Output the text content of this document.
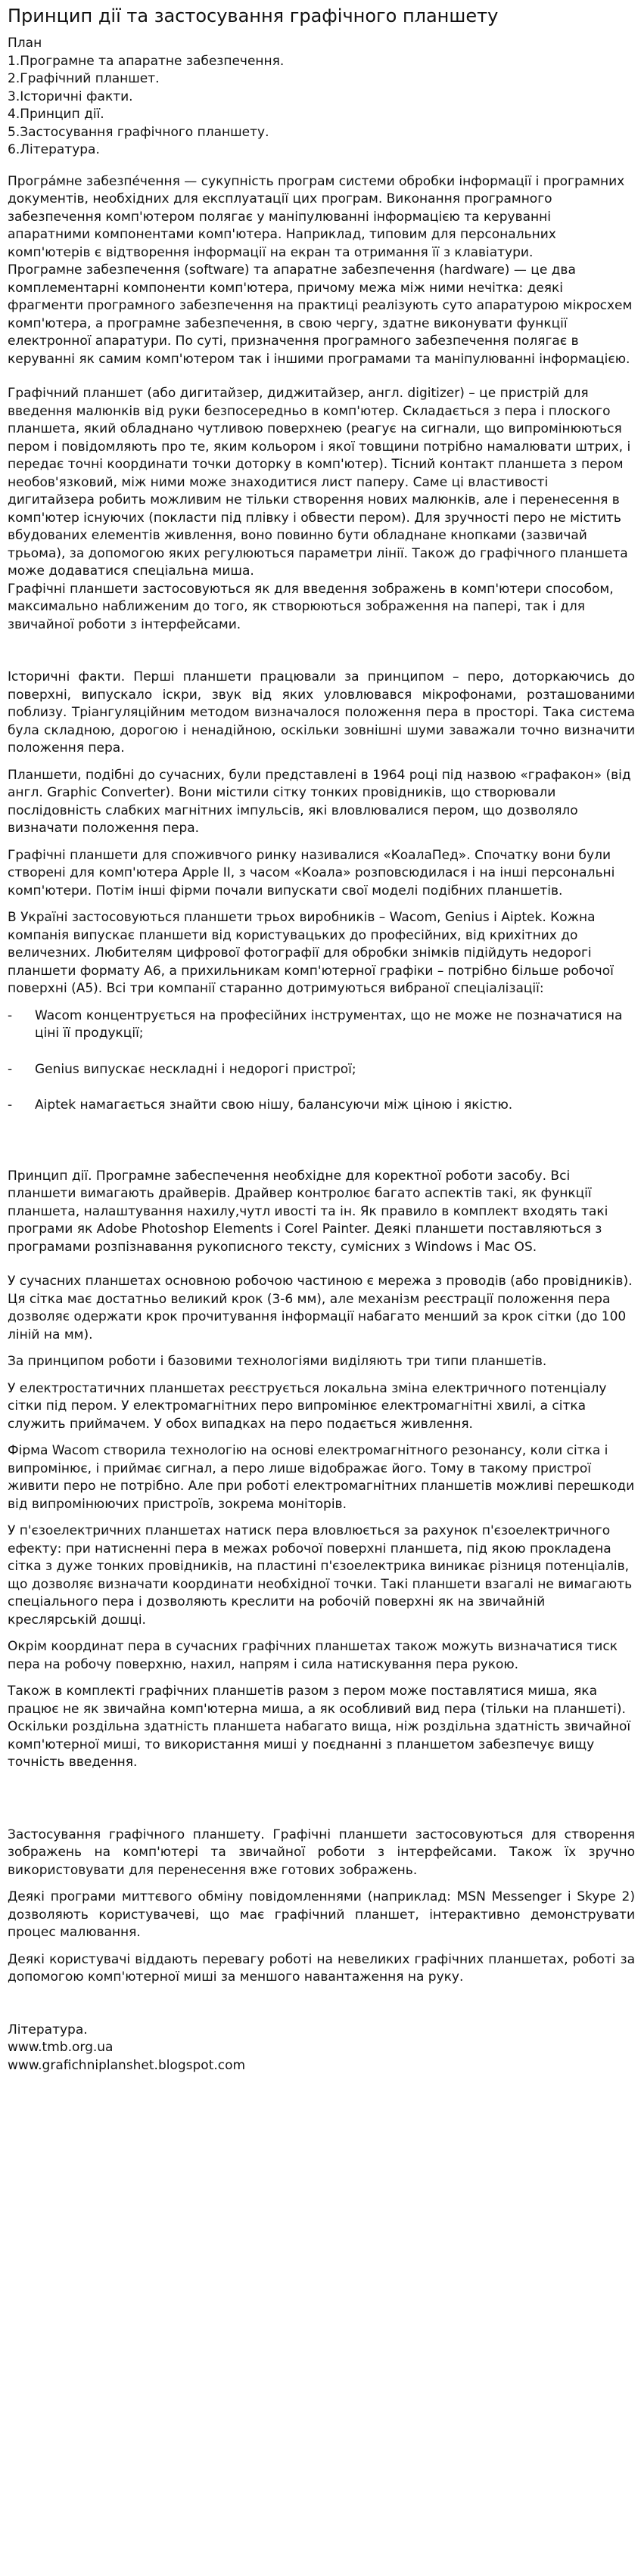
Принцип дії та застосування графічного планшету
План
1.Програмне та апаратне забезпечення.
2.Графічний планшет.
3.Історичні факти.
4.Принцип дії.
5.Застосування графічного планшету.
6.Література.

Програ́мне забезпе́чення — сукупність програм системи обробки інформації і програмних документів, необхідних для експлуатації цих програм. Виконання програмного забезпечення комп'ютером полягає у маніпулюванні інформацією та керуванні апаратними компонентами комп'ютера. Наприклад, типовим для персональних комп'ютерів є відтворення інформації на екран та отримання її з клавіатури.

Програмне забезпечення (software) та апаратне забезпечення (hardware) — це два комплементарні компоненти комп'ютера, причому межа між ними нечітка: деякі фрагменти програмного забезпечення на практиці реалізують суто апаратурою мікросхем комп'ютера, а програмне забезпечення, в свою чергу, здатне виконувати функції електронної апаратури. По суті, призначення програмного забезпечення полягає в керуванні як самим комп'ютером так і іншими програмами та маніпулюванні інформацією.

Графічний планшет (або дигитайзер, диджитайзер, англ. digitizer) – це пристрій для введення малюнків від руки безпосередньо в комп'ютер. Складається з пера і плоского планшета, який обладнано чутливою поверхнею (реагує на сигнали, що випромінюються пером і повідомляють про те, яким кольором і якої товщини потрібно намалювати штрих, і передає точні координати точки доторку в комп'ютер). Тісний контакт планшета з пером необов'язковий, між ними може знаходитися лист паперу. Саме ці властивості дигитайзера робить можливим не тільки створення нових малюнків, але і перенесення в комп'ютер існуючих (покласти під плівку і обвести пером). Для зручності перо не містить вбудованих елементів живлення, воно повинно бути обладнане кнопками (зазвичай трьома), за допомогою яких регулюються параметри лінії. Також до графічного планшета може додаватися спеціальна миша.

Графічні планшети застосовуються як для введення зображень в комп'ютери способом, максимально наближеним до того, як створюються зображення на папері, так і для звичайної роботи з інтерфейсами.

Історичні факти. Перші планшети працювали за принципом – перо, доторкаючись до поверхні, випускало іскри, звук від яких уловлювався мікрофонами, розташованими поблизу. Тріангуляційним методом визначалося положення пера в просторі. Така система була складною, дорогою і ненадійною, оскільки зовнішні шуми заважали точно визначити положення пера.

Планшети, подібні до сучасних, були представлені в 1964 році під назвою «графакон» (від англ. Graphic Converter). Вони містили сітку тонких провідників, що створювали послідовність слабких магнітних імпульсів, які вловлювалися пером, що дозволяло визначати положення пера.

Графічні планшети для споживчого ринку називалися «КоалаПед». Спочатку вони були створені для комп'ютера Apple II, з часом «Коала» розповсюдилася і на інші персональні комп'ютери. Потім інші фірми почали випускати свої моделі подібних планшетів.

В Україні застосовуються планшети трьох виробників – Wacom, Genius і Aiptek. Кожна компанія випускає планшети від користувацьких до професійних, від крихітних до величезних. Любителям цифрової фотографії для обробки знімків підійдуть недорогі планшети формату А6, а прихильникам комп'ютерної графіки – потрібно більше робочої поверхні (А5). Всі три компанії старанно дотримуються вибраної спеціалізації:

-	Wacom концентрується на професійних інструментах, що не може не позначатися на ціні її продукції;
-	Genius випускає нескладні і недорогі пристрої;
-	Aiptek намагається знайти свою нішу, балансуючи між ціною і якістю.

Принцип дії. Програмне забеспечення необхідне для коректної роботи засобу. Всі планшети вимагають драйверів. Драйвер контролює багато аспектів такі, як функції планшета, налаштування нахилу,чутл ивості та ін. Як правило в комплект входять такі програми як Adobe Photoshop Elements і Corel Painter. Деякі планшети поставляються з програмами розпізнавання рукописного тексту, сумісних з Windows і Mac OS.

У сучасних планшетах основною робочою частиною є мережа з проводів (або провідників). Ця сітка має достатньо великий крок (3-6 мм), але механізм реєстрації положення пера дозволяє одержати крок прочитування інформації набагато менший за крок сітки (до 100 ліній на мм).

За принципом роботи і базовими технологіями виділяють три типи планшетів.

У електростатичних планшетах реєструється локальна зміна електричного потенціалу сітки під пером. У електромагнітних перо випромінює електромагнітні хвилі, а сітка служить приймачем. У обох випадках на перо подається живлення.

Фірма Wacom створила технологію на основі електромагнітного резонансу, коли сітка і випромінює, і приймає сигнал, а перо лише відображає його. Тому в такому пристрої живити перо не потрібно. Але при роботі електромагнітних планшетів можливі перешкоди від випромінюючих пристроїв, зокрема моніторів.

У п'єзоелектричних планшетах натиск пера вловлюється за рахунок п'єзоелектричного ефекту: при натисненні пера в межах робочої поверхні планшета, під якою прокладена сітка з дуже тонких провідників, на пластині п'єзоелектрика виникає різниця потенціалів, що дозволяє визначати координати необхідної точки. Такі планшети взагалі не вимагають спеціального пера і дозволяють креслити на робочій поверхні як на звичайній креслярській дошці.

Окрім координат пера в сучасних графічних планшетах також можуть визначатися тиск пера на робочу поверхню, нахил, напрям і сила натискування пера рукою.

Також в комплекті графічних планшетів разом з пером може поставлятися миша, яка працює не як звичайна комп'ютерна миша, а як особливий вид пера (тільки на планшеті). Оскільки роздільна здатність планшета набагато вища, ніж роздільна здатність звичайної комп'ютерної миші, то використання миші у поєднанні з планшетом забезпечує вищу точність введення.

Застосування графічного планшету. Графічні планшети застосовуються для створення зображень на комп'ютері та звичайної роботи з інтерфейсами. Також їх зручно використовувати для перенесення вже готових зображень.

Деякі програми миттєвого обміну повідомленнями (наприклад: MSN Messenger і Skype 2) дозволяють користувачеві, що має графічний планшет, інтерактивно демонструвати процес малювання.

Деякі користувачі віддають перевагу роботі на невеликих графічних планшетах, роботі за допомогою комп'ютерної миші за меншого навантаження на руку.

Література.
www.tmb.org.ua
www.grafichniplanshet.blogspot.com
